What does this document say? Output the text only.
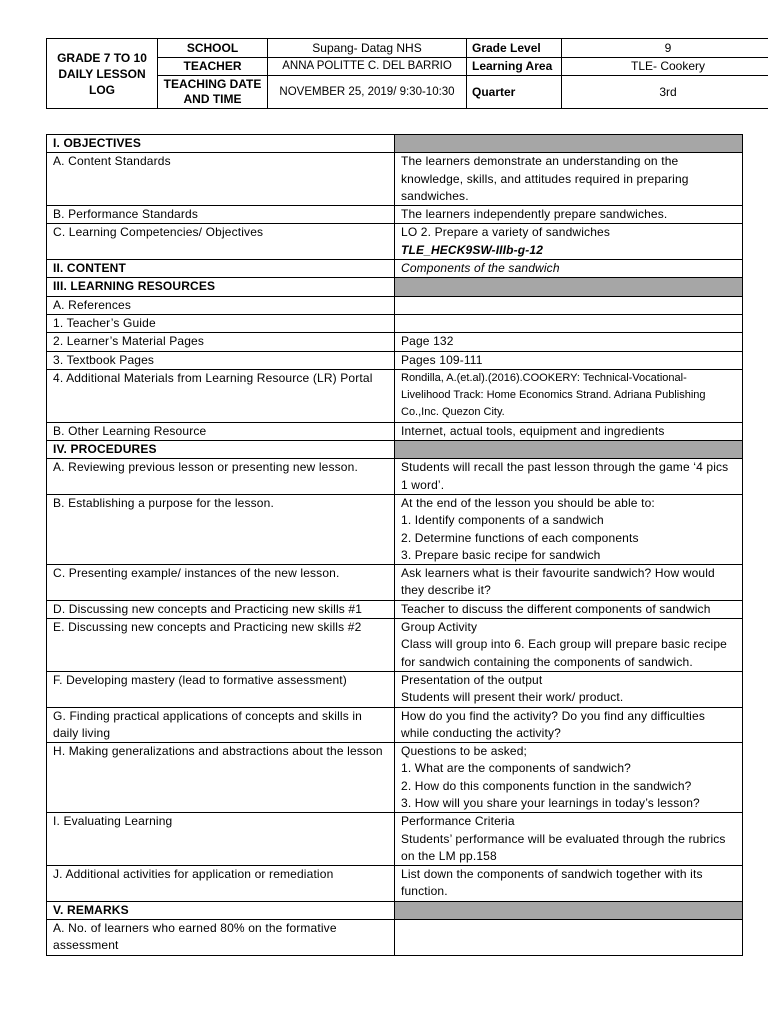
GRADE 7 TO 10 DAILY LESSON LOG	SCHOOL	Supang- Datag NHS	Grade Level	9
	TEACHER	ANNA POLITTE C. DEL BARRIO	Learning Area	TLE- Cookery
	TEACHING DATE AND TIME	NOVEMBER 25, 2019/ 9:30-10:30	Quarter	3rd
I. OBJECTIVES	
A. Content Standards	The learners demonstrate an understanding on the knowledge, skills, and attitudes required in preparing sandwiches.
B. Performance Standards	The learners independently prepare sandwiches.
C. Learning Competencies/ Objectives	LO 2. Prepare a variety of sandwiches
TLE_HECK9SW-IIIb-g-12

II. CONTENT	Components of the sandwich
III. LEARNING RESOURCES	
A. References	
1. Teacher’s Guide	
2. Learner’s Material Pages	Page 132
3. Textbook Pages	Pages 109-111
4. Additional Materials from Learning Resource (LR) Portal	Rondilla, A.(et.al).(2016).COOKERY: Technical-Vocational-Livelihood Track: Home Economics Strand. Adriana Publishing Co.,Inc. Quezon City.
B. Other Learning Resource	Internet, actual tools, equipment and ingredients
IV. PROCEDURES	
A. Reviewing previous lesson or presenting new lesson.	Students will recall the past lesson through the game ‘4 pics 1 word’.
B. Establishing a purpose for the lesson.	At the end of the lesson you should be able to:
1. Identify components of a sandwich
2. Determine functions of each components
3. Prepare basic recipe for sandwich

C. Presenting example/ instances of the new lesson.	Ask learners what is their favourite sandwich? How would they describe it?
D. Discussing new concepts and Practicing new skills #1	Teacher to discuss the different components of sandwich
E. Discussing new concepts and Practicing new skills #2	Group Activity
Class will group into 6. Each group will prepare basic recipe for sandwich containing the components of sandwich.

F. Developing mastery (lead to formative assessment)	Presentation of the output
Students will present their work/ product.

G. Finding practical applications of concepts and skills in daily living	How do you find the activity? Do you find any difficulties while conducting the activity?
H. Making generalizations and abstractions about the lesson	Questions to be asked;
1. What are the components of sandwich?
2. How do this components function in the sandwich?
3. How will you share your learnings in today’s lesson?

I. Evaluating Learning	Performance Criteria
Students’ performance will be evaluated through the rubrics on the LM pp.158

J. Additional activities for application or remediation	List down the components of sandwich together with its function.
V. REMARKS	
A. No. of learners who earned 80% on the formative assessment	
